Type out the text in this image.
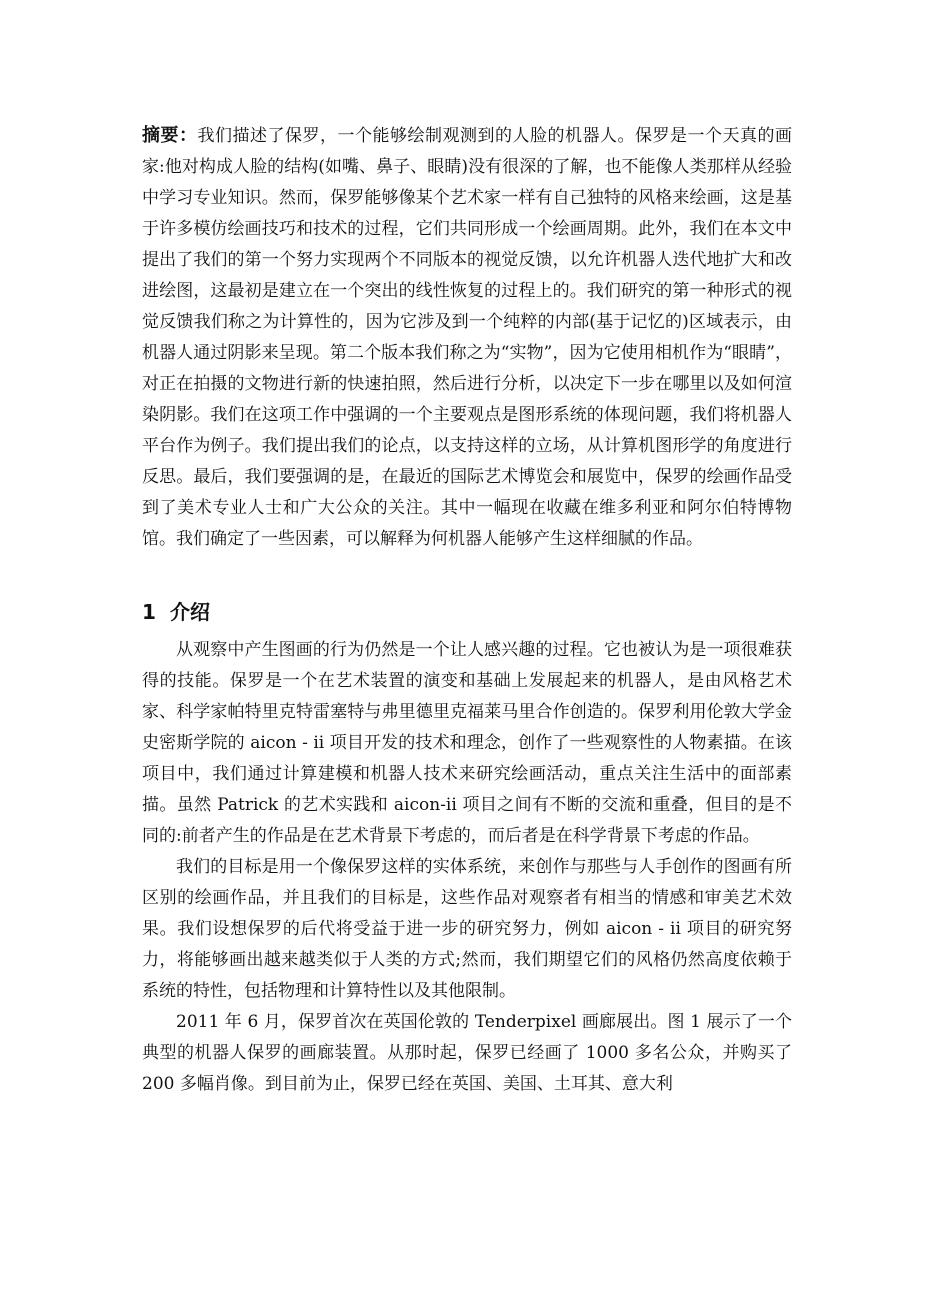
摘要：我们描述了保罗，一个能够绘制观测到的人脸的机器人。保罗是一个天真的画家:他对构成人脸的结构(如嘴、鼻子、眼睛)没有很深的了解，也不能像人类那样从经验中学习专业知识。然而，保罗能够像某个艺术家一样有自己独特的风格来绘画，这是基于许多模仿绘画技巧和技术的过程，它们共同形成一个绘画周期。此外，我们在本文中提出了我们的第一个努力实现两个不同版本的视觉反馈，以允许机器人迭代地扩大和改进绘图，这最初是建立在一个突出的线性恢复的过程上的。我们研究的第一种形式的视觉反馈我们称之为计算性的，因为它涉及到一个纯粹的内部(基于记忆的)区域表示，由机器人通过阴影来呈现。第二个版本我们称之为“实物”，因为它使用相机作为“眼睛”，对正在拍摄的文物进行新的快速拍照，然后进行分析，以决定下一步在哪里以及如何渲染阴影。我们在这项工作中强调的一个主要观点是图形系统的体现问题，我们将机器人平台作为例子。我们提出我们的论点，以支持这样的立场，从计算机图形学的角度进行反思。最后，我们要强调的是，在最近的国际艺术博览会和展览中，保罗的绘画作品受到了美术专业人士和广大公众的关注。其中一幅现在收藏在维多利亚和阿尔伯特博物馆。我们确定了一些因素，可以解释为何机器人能够产生这样细腻的作品。

1 介绍

从观察中产生图画的行为仍然是一个让人感兴趣的过程。它也被认为是一项很难获得的技能。保罗是一个在艺术装置的演变和基础上发展起来的机器人，是由风格艺术家、科学家帕特里克特雷塞特与弗里德里克福莱马里合作创造的。保罗利用伦敦大学金史密斯学院的 aicon - ii 项目开发的技术和理念，创作了一些观察性的人物素描。在该项目中，我们通过计算建模和机器人技术来研究绘画活动，重点关注生活中的面部素描。虽然 Patrick 的艺术实践和 aicon-ii 项目之间有不断的交流和重叠，但目的是不同的:前者产生的作品是在艺术背景下考虑的，而后者是在科学背景下考虑的作品。

我们的目标是用一个像保罗这样的实体系统，来创作与那些与人手创作的图画有所区别的绘画作品，并且我们的目标是，这些作品对观察者有相当的情感和审美艺术效果。我们设想保罗的后代将受益于进一步的研究努力，例如 aicon - ii 项目的研究努力，将能够画出越来越类似于人类的方式;然而，我们期望它们的风格仍然高度依赖于系统的特性，包括物理和计算特性以及其他限制。

2011 年 6 月，保罗首次在英国伦敦的 Tenderpixel 画廊展出。图 1 展示了一个典型的机器人保罗的画廊装置。从那时起，保罗已经画了 1000 多名公众，并购买了 200 多幅肖像。到目前为止，保罗已经在英国、美国、土耳其、意大利
